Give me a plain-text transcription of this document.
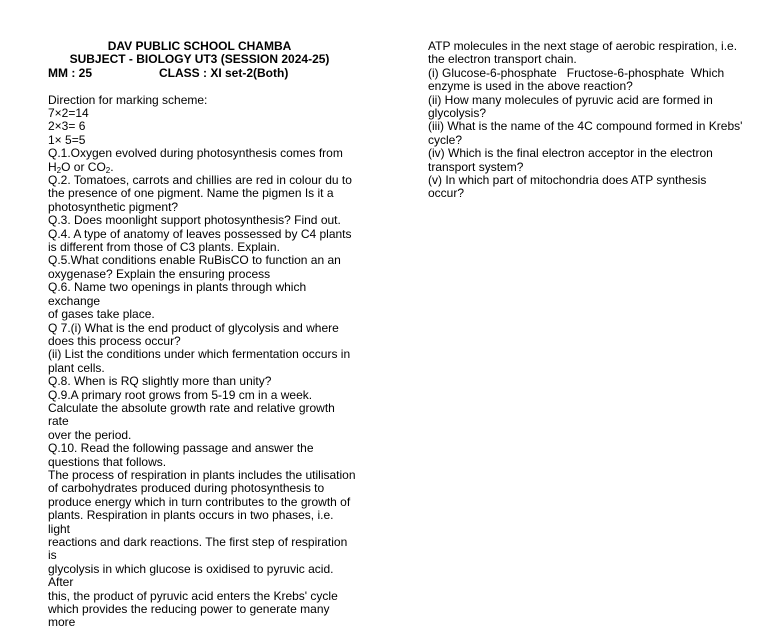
DAV PUBLIC SCHOOL CHAMBA
SUBJECT - BIOLOGY UT3 (SESSION 2024-25)
MM : 25	CLASS : XI set-2(Both)
Direction for marking scheme:
7×2=14
2×3= 6
1× 5=5
Q.1.Oxygen evolved during photosynthesis comes from
$H_2O$ or $CO_2$.
Q.2. Tomatoes, carrots and chillies are red in colour du to
the presence of one pigment. Name the pigmen Is it a
photosynthetic pigment?
Q.3. Does moonlight support photosynthesis? Find out.
Q.4. A type of anatomy of leaves possessed by C4 plants
is different from those of C3 plants. Explain.
Q.5.What conditions enable RuBisCO to function an an
oxygenase? Explain the ensuring process
Q.6. Name two openings in plants through which exchange
of gases take place.
Q 7.(i) What is the end product of glycolysis and where
does this process occur?
(ii) List the conditions under which fermentation occurs in
plant cells.
Q.8. When is RQ slightly more than unity?
Q.9.A primary root grows from 5-19 cm in a week.
Calculate the absolute growth rate and relative growth rate
over the period.
Q.10. Read the following passage and answer the
questions that follows.
The process of respiration in plants includes the utilisation
of carbohydrates produced during photosynthesis to
produce energy which in turn contributes to the growth of
plants. Respiration in plants occurs in two phases, i.e. light
reactions and dark reactions. The first step of respiration is
glycolysis in which glucose is oxidised to pyruvic acid. After
this, the product of pyruvic acid enters the Krebs' cycle
which provides the reducing power to generate many more
ATP molecules in the next stage of aerobic respiration, i.e.
the electron transport chain.
(i) Glucose-6-phosphate   Fructose-6-phosphate  Which
enzyme is used in the above reaction?
(ii) How many molecules of pyruvic acid are formed in
glycolysis?
(iii) What is the name of the 4C compound formed in Krebs'
cycle?
(iv) Which is the final electron acceptor in the electron
transport system?
(v) In which part of mitochondria does ATP synthesis
occur?
